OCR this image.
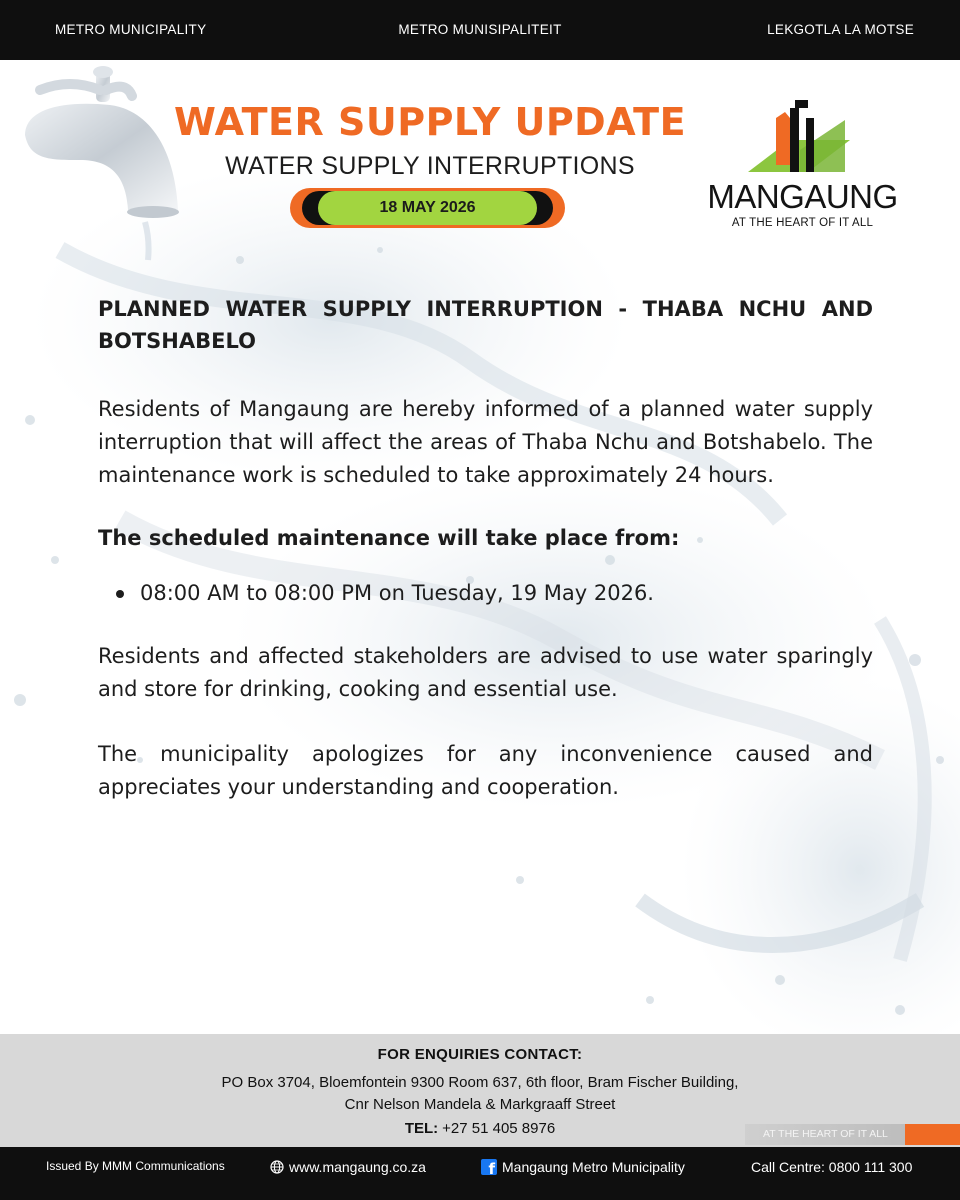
METRO MUNICIPALITY	METRO MUNISIPALITEIT	LEKGOTLA LA MOTSE
WATER SUPPLY UPDATE
WATER SUPPLY INTERRUPTIONS
18 MAY 2026	MANGAUNG
AT THE HEART OF IT ALL

PLANNED WATER SUPPLY INTERRUPTION - THABA NCHU AND BOTSHABELO

Residents of Mangaung are hereby informed of a planned water supply interruption that will affect the areas of Thaba Nchu and Botshabelo. The maintenance work is scheduled to take approximately 24 hours.

The scheduled maintenance will take place from:

08:00 AM to 08:00 PM on Tuesday, 19 May 2026.

Residents and affected stakeholders are advised to use water sparingly and store for drinking, cooking and essential use.

The municipality apologizes for any inconvenience caused and appreciates your understanding and cooperation.

FOR ENQUIRIES CONTACT:
PO Box 3704, Bloemfontein 9300 Room 637, 6th floor, Bram Fischer Building,
Cnr Nelson Mandela & Markgraaff Street
TEL: +27 51 405 8976	AT THE HEART OF IT ALL
Issued By MMM Communications	www.mangaung.co.za
f	Mangaung Metro Municipality	Call Centre: 0800 111 300
